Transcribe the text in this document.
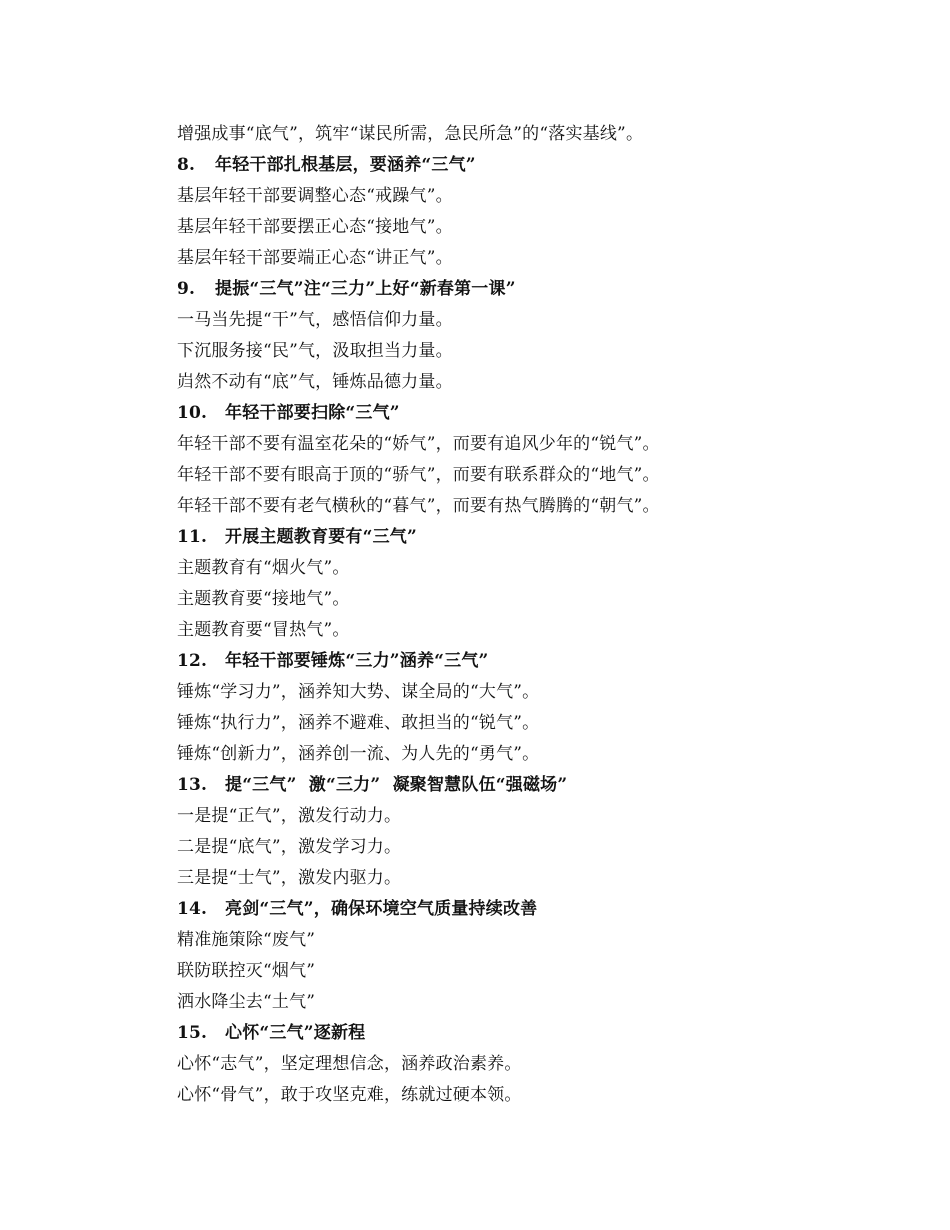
增强成事“底气”，筑牢“谋民所需，急民所急”的“落实基线”。
8. 年轻干部扎根基层，要涵养“三气”
基层年轻干部要调整心态“戒躁气”。
基层年轻干部要摆正心态“接地气”。
基层年轻干部要端正心态“讲正气”。
9. 提振“三气”注“三力”上好“新春第一课”
一马当先提“干”气，感悟信仰力量。
下沉服务接“民”气，汲取担当力量。
岿然不动有“底”气，锤炼品德力量。
10. 年轻干部要扫除“三气”
年轻干部不要有温室花朵的“娇气”，而要有追风少年的“锐气”。
年轻干部不要有眼高于顶的“骄气”，而要有联系群众的“地气”。
年轻干部不要有老气横秋的“暮气”，而要有热气腾腾的“朝气”。
11. 开展主题教育要有“三气”
主题教育有“烟火气”。
主题教育要“接地气”。
主题教育要“冒热气”。
12. 年轻干部要锤炼“三力”涵养“三气”
锤炼“学习力”，涵养知大势、谋全局的“大气”。
锤炼“执行力”，涵养不避难、敢担当的“锐气”。
锤炼“创新力”，涵养创一流、为人先的“勇气”。
13. 提“三气”  激“三力”  凝聚智慧队伍“强磁场”
一是提“正气”，激发行动力。
二是提“底气”，激发学习力。
三是提“士气”，激发内驱力。
14. 亮剑“三气”，确保环境空气质量持续改善
精准施策除“废气”
联防联控灭“烟气”
洒水降尘去“土气”
15. 心怀“三气”逐新程
心怀“志气”，坚定理想信念，涵养政治素养。
心怀“骨气”，敢于攻坚克难，练就过硬本领。
